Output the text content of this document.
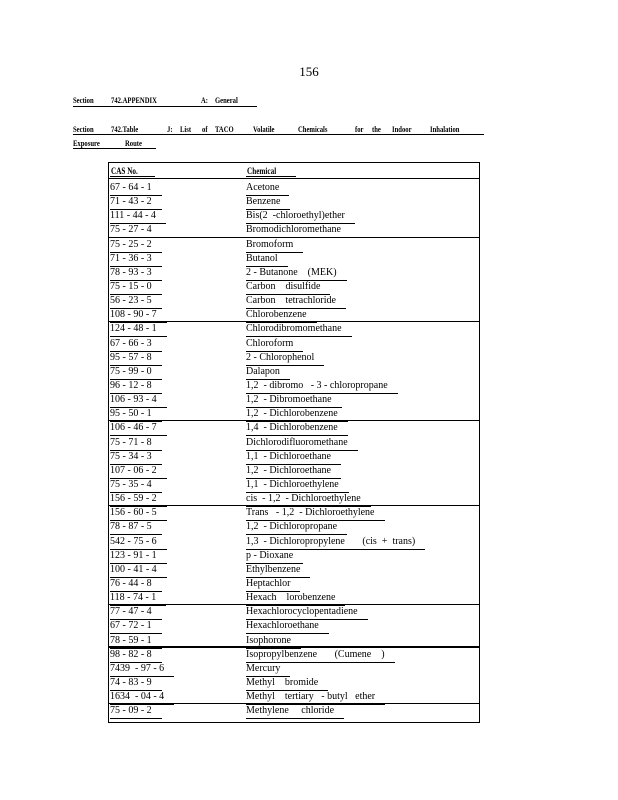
156
Section 742.APPENDIX	A: General
Section 742.Table	J: List of TACO Volatile	Chemicals	for the Indoor Inhalation
Exposure	Route
CAS No.	Chemical
67 - 64 - 1	Acetone
71 - 43 - 2	Benzene
111 - 44 - 4	Bis(2  -chloroethyl)ether
75 - 27 - 4	Bromodichloromethane
75 - 25 - 2	Bromoform
71 - 36 - 3	Butanol
78 - 93 - 3	2 - Butanone    (MEK)
75 - 15 - 0	Carbon    disulfide
56 - 23 - 5	Carbon    tetrachloride
108 - 90 - 7	Chlorobenzene
124 - 48 - 1	Chlorodibromomethane
67 - 66 - 3	Chloroform
95 - 57 - 8	2 - Chlorophenol
75 - 99 - 0	Dalapon
96 - 12 - 8	1,2  - dibromo   - 3 - chloropropane
106 - 93 - 4	1,2  - Dibromoethane
95 - 50 - 1	1,2  - Dichlorobenzene
106 - 46 - 7	1,4  - Dichlorobenzene
75 - 71 - 8	Dichlorodifluoromethane
75 - 34 - 3	1,1  - Dichloroethane
107 - 06 - 2	1,2  - Dichloroethane
75 - 35 - 4	1,1  - Dichloroethylene
156 - 59 - 2	cis  - 1,2  - Dichloroethylene
156 - 60 - 5	Trans   - 1,2  - Dichloroethylene
78 - 87 - 5	1,2  - Dichloropropane
542 - 75 - 6	1,3  - Dichloropropylene       (cis  +  trans)
123 - 91 - 1	p - Dioxane
100 - 41 - 4	Ethylbenzene
76 - 44 - 8	Heptachlor
118 - 74 - 1	Hexach    lorobenzene
77 - 47 - 4	Hexachlorocyclopentadiene
67 - 72 - 1	Hexachloroethane
78 - 59 - 1	Isophorone
98 - 82 - 8	Isopropylbenzene       (Cumene    )
7439  - 97 - 6	Mercury
74 - 83 - 9	Methyl    bromide
1634  - 04 - 4	Methyl    tertiary   - butyl   ether
75 - 09 - 2	Methylene     chloride
